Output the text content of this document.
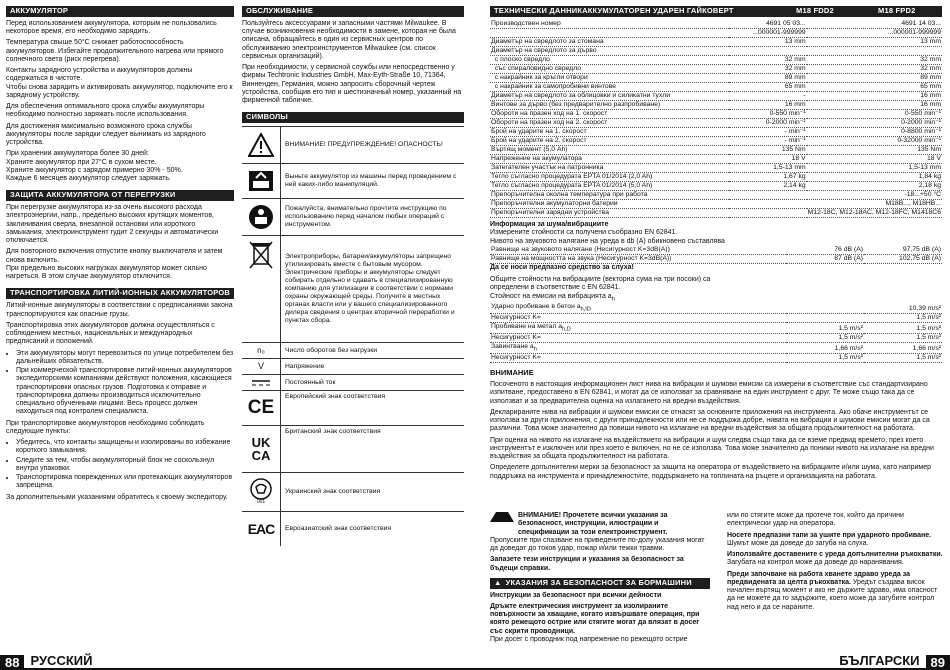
АККУМУЛЯТОР

Перед использованием аккумулятора, которым не пользовались некоторое время, его необходимо зарядить.

Температура свыше 50°С снижает работоспособность аккумуляторов. Избегайте продолжительного нагрева или прямого солнечного света (риск перегрева).

Контакты зарядного устройства и аккумуляторов должны содержаться в чистоте.

Чтобы снова зарядить и активировать аккумулятор, подключите его к зарядному устройству.

Для обеспечения оптимального срока службы аккумуляторы необходимо полностью заряжать после использования.

Для достижения максимально возможного срока службы аккумуляторы после зарядки следует вынимать из зарядного устройства.

При хранении аккумулятора более 30 дней:

Храните аккумулятор при 27°C в сухом месте.

Храните аккумулятор с зарядом примерно 30% - 50%.

Каждые 6 месяцев аккумулятор следует заряжать.

ЗАЩИТА АККУМУЛЯТОРА ОТ ПЕРЕГРУЗКИ

При перегрузке аккумулятора из-за очень высокого расхода электроэнергии, напр., предельно высоких крутящих моментов, заклинивания сверла, внезапной остановки или короткого замыкания, электроинструмент гудит 2 секунды и автоматически отключается.

Для повторного включения отпустите кнопку выключателя и затем снова включить.

При предельно высоких нагрузках аккумулятор может сильно нагреться. В этом случае аккумулятор отключится.

ТРАНСПОРТИРОВКА ЛИТИЙ-ИОННЫХ АККУМУЛЯТОРОВ

Литий-ионные аккумуляторы в соответствии с предписаниями закона транспортируются как опасные грузы.

Транспортировка этих аккумуляторов должна осуществляться с соблюдением местных, национальных и международных предписаний и положений.

• Эти аккумуляторы могут перевозиться по улице потребителем без дальнейших обязательств.
• При коммерческой транспортировке литий-ионных аккумуляторов экспедиторскими компаниями действуют положения, касающиеся транспортировки опасных грузов. Подготовка к отправке и транспортировка должны производиться исключительно специально обученными лицами. Весь процесс должен находиться под контролем специалиста.

При транспортировке аккумуляторов необходимо соблюдать следующие пункты:

• Убедитесь, что контакты защищены и изолированы во избежание короткого замыкания.
• Следите за тем, чтобы аккумуляторный блок не соскользнул внутри упаковки.
• Транспортировка поврежденных или протекающих аккумуляторов запрещена.

За дополнительными указаниями обратитесь к своему экспедитору.

ОБСЛУЖИВАНИЕ

Пользуйтесь аксессуарами и запасными частями Milwaukee. В случае возникновения необходимости в замене, которая не была описана, обращайтесь в один из сервисных центров по обслуживанию электроинструментов Milwaukee (см. список сервисных организаций).

При необходимости, у сервисной службы или непосредственно у фирмы Techtronic Industries GmbH, Max-Eyth-Straße 10, 71364, Винненден, Германия, можно запросить сборочный чертеж устройства, сообщив его тип и шестизначный номер, указанный на фирменной табличке.

СИМВОЛЫ
ВНИМАНИЕ! ПРЕДУПРЕЖДЕНИЕ! ОПАСНОСТЬ!
Выньте аккумулятор из машины перед проведением с ней каких-либо манипуляций.
Пожалуйста, внимательно прочтите инструкцию по использованию перед началом любых операций с инструментом.
Электроприборы, батареи/аккумуляторы запрещено утилизировать вместе с бытовым мусором. Электрические приборы и аккумуляторы следует собирать отдельно и сдавать в специализированную компанию для утилизации в соответствии с нормами охраны окружающей среды. Получите в местных органах власти или у вашего специализированного дилера сведения о центрах вторичной переработки и пунктах сбора.
n₀	Число оборотов без нагрузки
V	Напряжение
Постоянный ток
CE
Европейский знак соответствия
UK
CA
Британский знак соответствия
001
Украинский знак соответствия
EAC	Евроазиатский знак соответствия
88 РУССКИЙ
ТЕХНИЧЕСКИ ДАННИКАККУМУЛАТОРЕН УДАРЕН ГАЙКОВЕРТ	M18 FDD2	M18 FPD2
Производствен номер	4691 05 03...	4691 14 03...
	...000001-999999	...000001-999999
Диаметър на свредлото за стомана	13 mm	13 mm
Диаметър на свредлото за дърво		
с плоско свредло	32 mm	32 mm
със спираловидно свредло	32 mm	32 mm
с накрайник за кръгли отвори	89 mm	89 mm
с накрайник за самопробивни винтове	65 mm	65 mm
Диаметър на свредлото за облицовки и силикатни тухли	-	16 mm
Винтове за дърво (без предварително разпробиване)	16 mm	16 mm
Обороти на празен ход на 1. скорост	0-550 min⁻¹	0-550 min⁻¹
Обороти на празен ход на 2. скорост	0-2000 min⁻¹	0-2000 min⁻¹
Брой на ударите на 1. скорост	- min⁻¹	0-8800 min⁻¹
Брой на ударите на 2. скорост	- min⁻¹	0-32000 min⁻¹
Въртящ момент (5,0 Ah)	135 Nm	135 Nm
Напрежение на акумулатора	18 V	18 V
Затегателен участък на патронника	1,5-13 mm	1,5-13 mm
Тегло съгласно процедурата EPTA 01/2014 (2,0 Ah)	1,67 kg	1,84 kg
Тегло съгласно процедурата EPTA 01/2014 (5,0 Ah)	2,14 kg	2,18 kg
Препоръчителна околна температура при работа		-18...+50 °C
Препоръчителни акумулаторни батерии		M18B..., M18HB...
Препоръчителни зарядни устройства		M12-18C, M12-18AC, M12-18FC, M1418C6
Информация за шума/вибрациите
Измерените стойности са получени съобразно EN 62841.
Нивото на звуковото налягане на уреда в db (A) обикновено съставлява
Равнище на звуковото налягане (Несигурност K=3dB(A))	76 dB (A)	97,75 dB (A)
Равнище на мощността на звука (Несигурност K=3dB(A))	87 dB (A)	102,75 dB (A)
Да се носи предпазно средство за слуха!
Общите стойности на вибрациите (векторна сума на три посоки) са определени в съответствие с EN 62841.
Стойност на емисии на вибрацията $a_h$
Ударно пробиване в бетон $a_{h,ID}$		10,39 m/s²
Несигурност K=		1,5 m/s²
Пробиване на метал $a_{h,D}$	1,5 m/s²	1,5 m/s²
Несигурност K=	1,5 m/s²	1,5 m/s²
Завинтване $a_h$	1,66 m/s²	1,66 m/s²
Несигурност K=	1,5 m/s²	1,5 m/s²
ВНИМАНИЕ

Посоченото в настоящия информационен лист нива на вибрации и шумови емисии са измерени в съответствие със стандартизирано изпитване, предоставено в EN 62841, и могат да се използват за сравняване на един инструмент с друг. Те може също така да се използват и за предварителна оценка на излагането на вредни въздействия.

Декларираните нива на вибрации и шумови емисии се отнасят за основните приложения на инструмента. Ако обаче инструментът се използва за други приложения, с други принадлежности или не се поддържа добре, нивата на вибрации и шумови емисии могат да са различни. Това може значително да повиши нивото на излагане на вредни въздействия за общата продължителност на работата.

При оценка на нивото на излагане на въздействието на вибрации и шум следва също така да се вземе предвид времето, през което инструментът е изключен или през което е включен, но не се използва. Това може значително да понижи нивото на излагане на вредни въздействия за общата продължителност на работата.

Определете допълнителни мерки за безопасност за защита на оператора от въздействието на вибрациите и/или шума, като например поддръжка на инструмента и принадлежностите, поддържането на топлината на ръцете и организацията на работата.

ВНИМАНИЕ! Прочетете всички указания за безопасност, инструкции, илюстрации и спецификации за този електроинструмент.

Пропуските при спазване на приведените по-долу указания могат да доведат до токов удар, пожар и/или тежки травми.

Запазете тези инструкции и указания за безопасност за бъдещи справки.

▲ УКАЗАНИЯ ЗА БЕЗОПАСНОСТ ЗА БОРМАШИНИ

Инструкции за безопасност при всички дейности

Дръжте електрическия инструмент за изолираните повърхности за хващане, когато извършвате операция, при която режещото острие или стягите могат да влязат в досег със скрити проводници.

При досег с проводник под напрежение по режещото острие

или по стягите може да протече ток, който да причини електрически удар на оператора.

Носете предпазни тапи за ушите при ударното пробиване. Шумът може да доведе до загуба на слуха.

Използвайте доставените с уреда допълнителни ръкохватки. Загубата на контрол може да доведе до наранявания.

Преди започване на работа хванете здраво уреда за предвидената за целта ръкохватка. Уредът създава висок начален въртящ момент и ако не държите здраво, има опасност да не можете да го задържите, което може да загубите контрол над него и да се нараните.

БЪЛГАРСКИ 89
